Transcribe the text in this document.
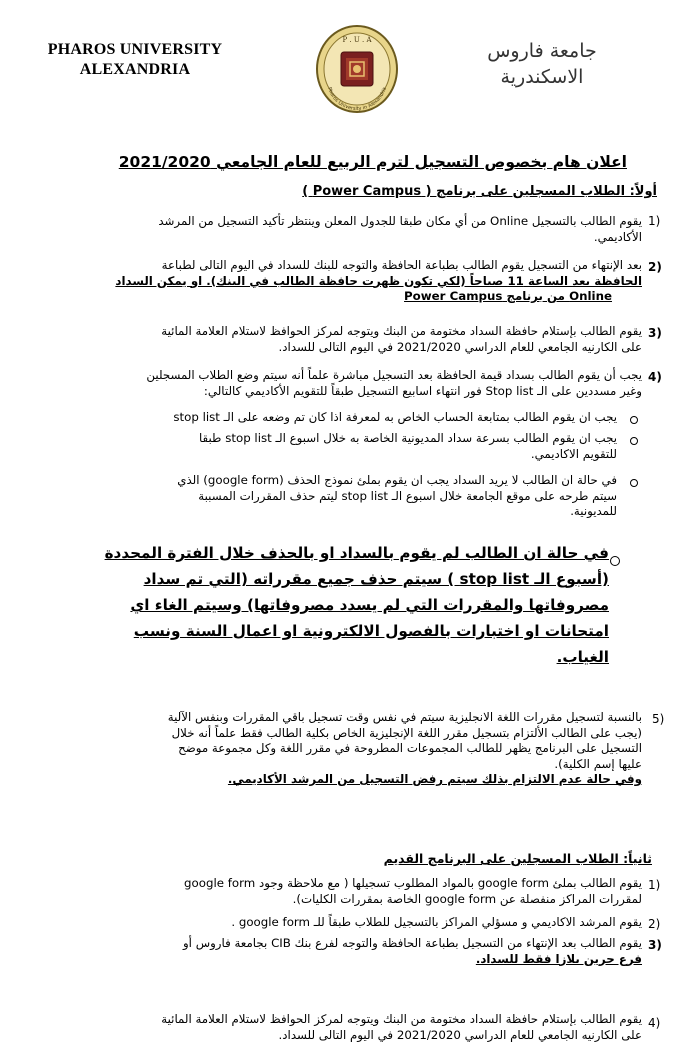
PHAROS UNIVERSITY
ALEXANDRIA
P . U . A
Pharos University in Alexandria
جامعة فاروس
الاسكندرية
اعلان هام بخصوص التسجيل لترم الربيع للعام الجامعي 2021/2020
أولاً: الطلاب المسجلين على برنامج ( Power Campus )
1)
يقوم الطالب بالتسجيل Online من أي مكان طبقا للجدول المعلن وينتظر تأكيد التسجيل من المرشد
الأكاديمي.
2)
بعد الإنتهاء من التسجيل يقوم الطالب بطباعة الحافظة والتوجه للبنك للسداد في اليوم التالى لطباعة
الحافظة بعد الساعة 11 صباحاً (لكي تكون ظهرت حافظة الطالب في البنك). او يمكن السداد
Online من برنامج Power Campus
3)
يقوم الطالب بإستلام حافظة السداد مختومة من البنك ويتوجه لمركز الحوافظ لاستلام العلامة المائية
على الكارنيه الجامعي للعام الدراسي 2021/2020 في اليوم التالى للسداد.
4)
يجب أن يقوم الطالب بسداد قيمة الحافظة بعد التسجيل مباشرة علماً أنه سيتم وضع الطلاب المسجلين
وغير مسددين على الـ Stop list فور انتهاء اسابيع التسجيل طبقاً للتقويم الأكاديمي كالتالي:
يجب ان يقوم الطالب بمتابعة الحساب الخاص به لمعرفة اذا كان تم وضعه على الـ stop list
يجب ان يقوم الطالب بسرعة سداد المديونية الخاصة به خلال اسبوع الـ stop list طبقا
للتقويم الاكاديمي.
في حالة ان الطالب لا يريد السداد يجب ان يقوم بملئ نموذج الحذف (google form) الذي
سيتم طرحه على موقع الجامعة خلال اسبوع الـ stop list ليتم حذف المقررات المسببة
للمديونية.
في حالة ان الطالب لم يقوم بالسداد او بالحذف خلال الفترة المحددة
(أسبوع الـ stop list ) سيتم حذف جميع مقرراته (التي تم سداد
مصروفاتها والمقررات التي لم يسدد مصروفاتها) وسيتم الغاء اي
امتحانات او اختبارات بالفصول الالكترونية او اعمال السنة ونسب
الغياب.
5)
بالنسبة لتسجيل مقررات اللغة الانجليزية سيتم في نفس وقت تسجيل باقي المقررات وبنفس الآلية
(يجب على الطالب الألتزام بتسجيل مقرر اللغة الإنجليزية الخاص بكلية الطالب فقط علماً أنه خلال
التسجيل على البرنامج يظهر للطالب المجموعات المطروحة في مقرر اللغة وكل مجموعة موضح
عليها إسم الكلية).
وفي حالة عدم الالتزام بذلك سيتم رفض التسجيل من المرشد الأكاديمي.
ثانياً: الطلاب المسجلين على البرنامج القديم
1)
يقوم الطالب بملئ google form بالمواد المطلوب تسجيلها ( مع ملاحظة وجود google form
لمقررات المراكز منفصلة عن google form الخاصة بمقررات الكليات).
2)
يقوم المرشد الاكاديمي و مسؤلي المراكز بالتسجيل للطلاب طبقاً للـ google form .
3)
يقوم الطالب بعد الإنتهاء من التسجيل بطباعة الحافظة والتوجه لفرع بنك CIB بجامعة فاروس أو
فرع جرين بلازا فقط للسداد.
4)
يقوم الطالب بإستلام حافظة السداد مختومة من البنك ويتوجه لمركز الحوافظ لاستلام العلامة المائية
على الكارنيه الجامعي للعام الدراسي 2021/2020 في اليوم التالى للسداد.
